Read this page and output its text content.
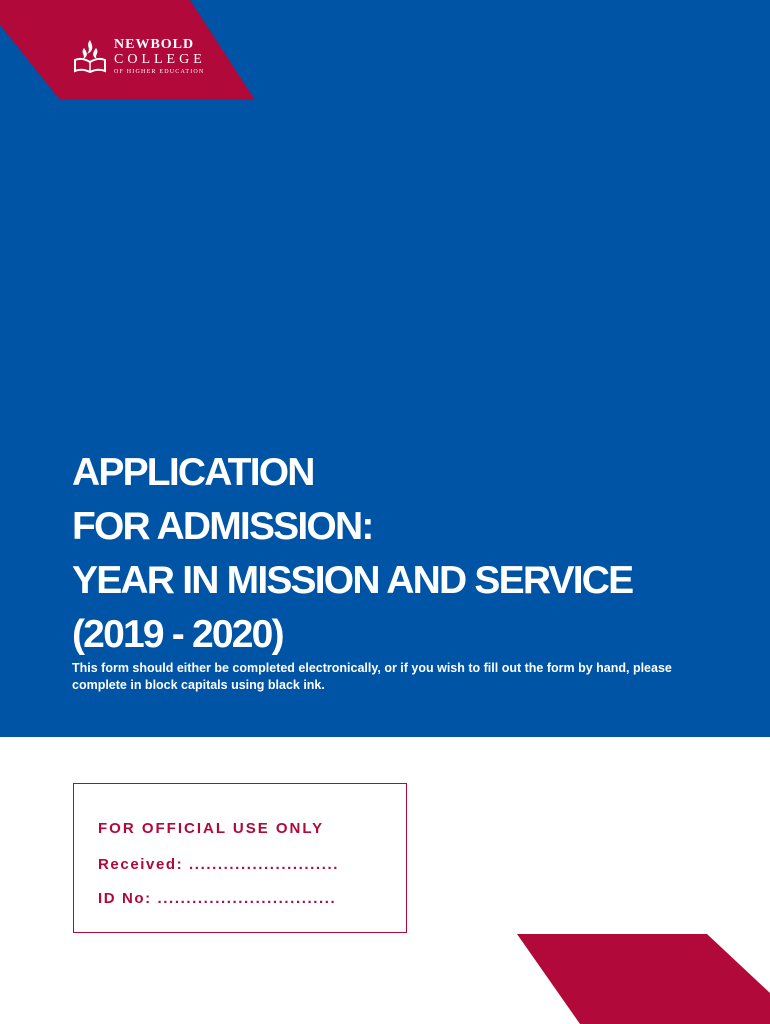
NEWBOLD
COLLEGE
OF HIGHER EDUCATION
APPLICATION
FOR ADMISSION:
YEAR IN MISSION AND SERVICE
(2019 - 2020)

This form should either be completed electronically, or if you wish to fill out the form by hand, please complete in block capitals using black ink.

FOR OFFICIAL USE ONLY

Received: ..........................

ID No: ...............................
